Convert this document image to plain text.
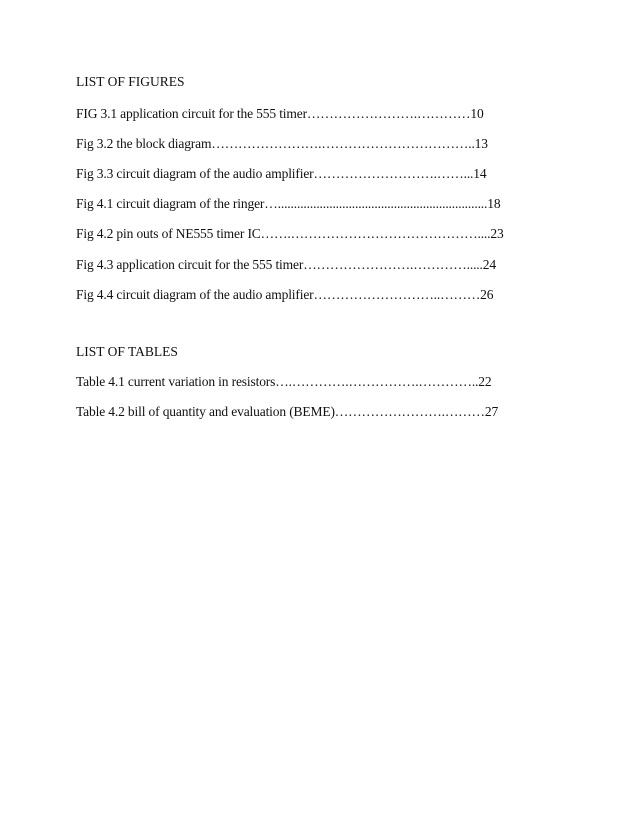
LIST OF FIGURES
FIG 3.1 application circuit for the 555 timer…………………….…………10
Fig 3.2 the block diagram…………………….……………………………..13
Fig 3.3 circuit diagram of the audio amplifier……………………….……...14
Fig 4.1 circuit diagram of the ringer….................................................................18
Fig 4.2 pin outs of NE555 timer IC…….……………………………………....23
Fig 4.3 application circuit for the 555 timer…………………….………….....24
Fig 4.4 circuit diagram of the audio amplifier………………………..………26
LIST OF TABLES
Table 4.1 current variation in resistors….………….…………….…………..22
Table 4.2 bill of quantity and evaluation (BEME)…………………….………27
